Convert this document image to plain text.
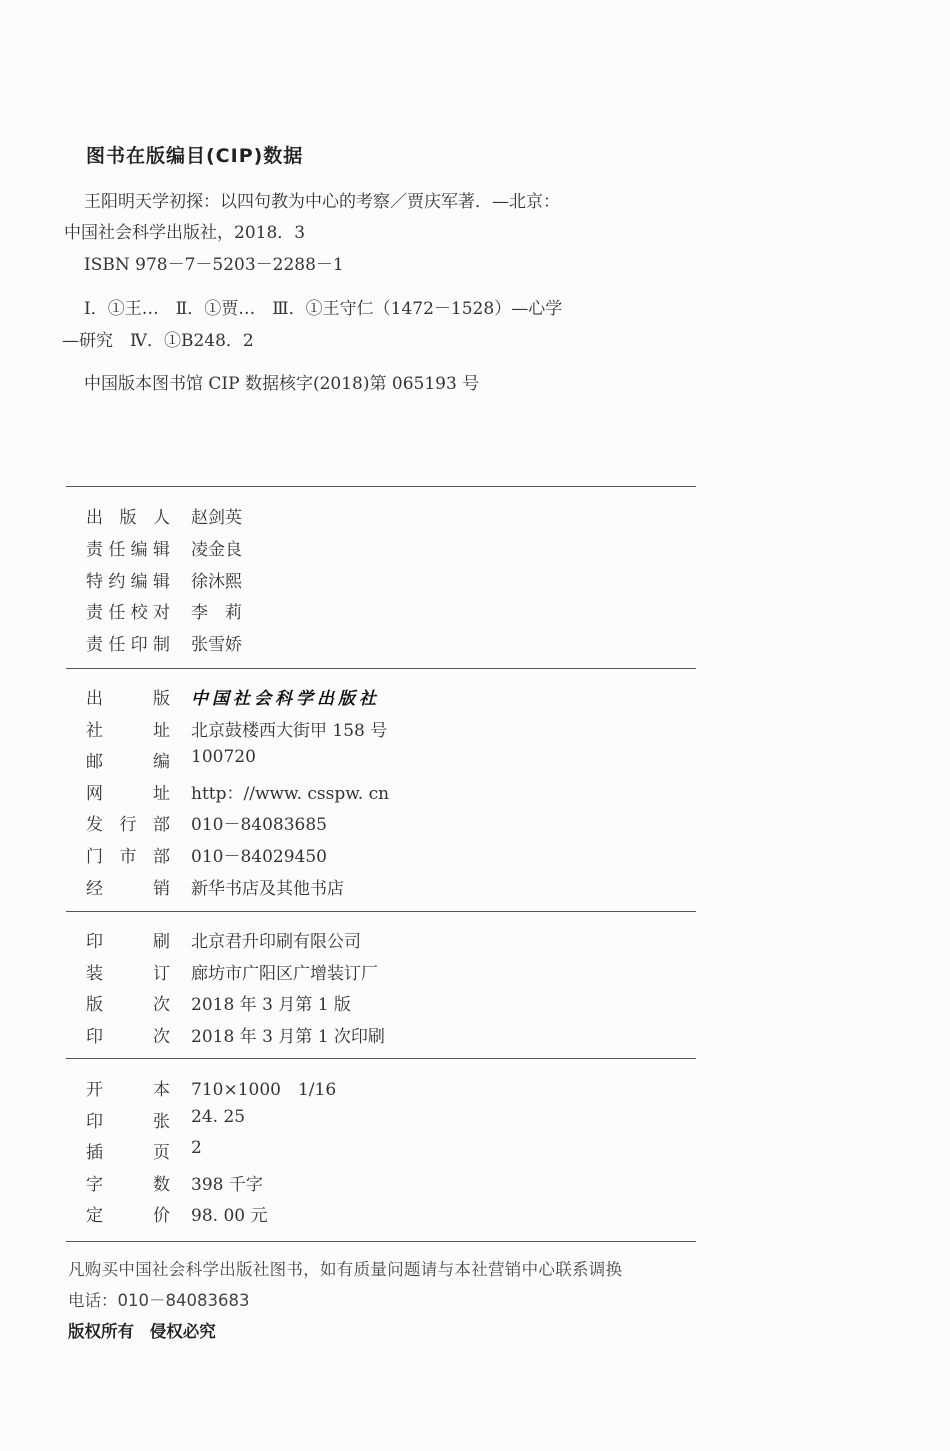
图书在版编目(CIP)数据
王阳明天学初探：以四句教为中心的考察／贾庆军著．—北京：
中国社会科学出版社，2018．3
ISBN 978－7－5203－2288－1
Ⅰ．①王…　Ⅱ．①贾…　Ⅲ．①王守仁（1472－1528）—心学
—研究　Ⅳ．①B248．2
中国版本图书馆 CIP 数据核字(2018)第 065193 号
出 版 人 赵剑英
责 任 编 辑 凌金良
特 约 编 辑 徐沐熙
责 任 校 对 李　莉
责 任 印 制 张雪娇
出	版 中国社会科学出版社
社	址 北京鼓楼西大街甲 158 号
邮	编 100720
网	址 http：//www. csspw. cn
发 行 部 010－84083685
门 市 部 010－84029450
经	销 新华书店及其他书店
印	刷 北京君升印刷有限公司
装	订 廊坊市广阳区广增装订厂
版	次 2018 年 3 月第 1 版
印	次 2018 年 3 月第 1 次印刷
开	本 710×1000　1/16
印	张 24. 25
插	页 2
字	数 398 千字
定	价 98. 00 元
凡购买中国社会科学出版社图书，如有质量问题请与本社营销中心联系调换
电话：010－84083683
版权所有 侵权必究
